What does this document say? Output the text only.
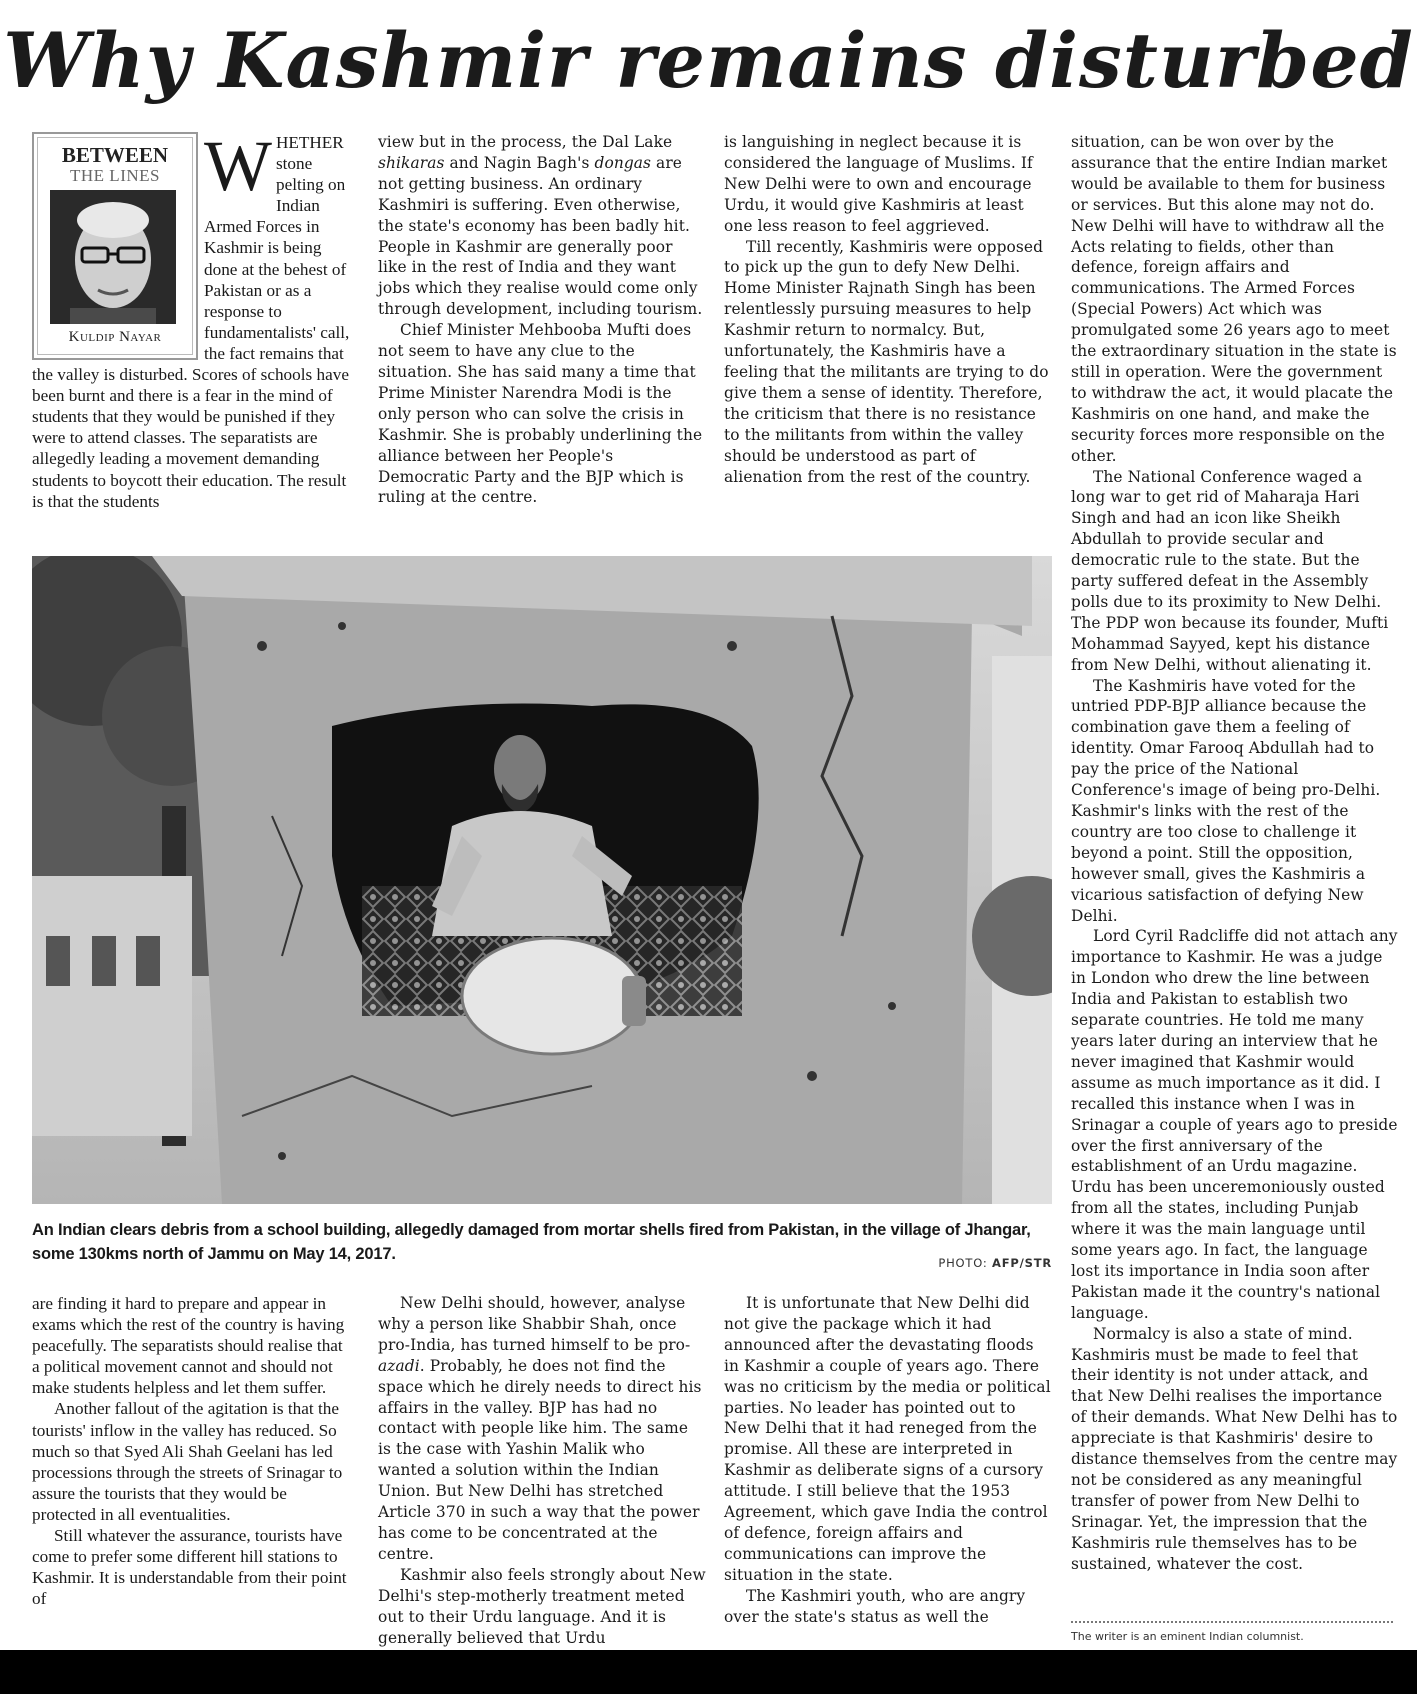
Why Kashmir remains disturbed
BETWEEN
THE LINES
Kuldip Nayar

WHETHER stone pelting on Indian Armed Forces in Kashmir is being done at the behest of Pakistan or as a response to fundamentalists' call, the fact remains that the valley is disturbed. Scores of schools have been burnt and there is a fear in the mind of students that they would be punished if they were to attend classes. The separatists are allegedly leading a movement demanding students to boycott their education. The result is that the students

view but in the process, the Dal Lake shikaras and Nagin Bagh's dongas are not getting business. An ordinary Kashmiri is suffering. Even otherwise, the state's economy has been badly hit. People in Kashmir are generally poor like in the rest of India and they want jobs which they realise would come only through development, including tourism.

Chief Minister Mehbooba Mufti does not seem to have any clue to the situation. She has said many a time that Prime Minister Narendra Modi is the only person who can solve the crisis in Kashmir. She is probably underlining the alliance between her People's Democratic Party and the BJP which is ruling at the centre.

is languishing in neglect because it is considered the language of Muslims. If New Delhi were to own and encourage Urdu, it would give Kashmiris at least one less reason to feel aggrieved.

Till recently, Kashmiris were opposed to pick up the gun to defy New Delhi. Home Minister Rajnath Singh has been relentlessly pursuing measures to help Kashmir return to normalcy. But, unfortunately, the Kashmiris have a feeling that the militants are trying to do give them a sense of identity. Therefore, the criticism that there is no resistance to the militants from within the valley should be understood as part of alienation from the rest of the country.

situation, can be won over by the assurance that the entire Indian market would be available to them for business or services. But this alone may not do. New Delhi will have to withdraw all the Acts relating to fields, other than defence, foreign affairs and communications. The Armed Forces (Special Powers) Act which was promulgated some 26 years ago to meet the extraordinary situation in the state is still in operation. Were the government to withdraw the act, it would placate the Kashmiris on one hand, and make the security forces more responsible on the other.

The National Conference waged a long war to get rid of Maharaja Hari Singh and had an icon like Sheikh Abdullah to provide secular and democratic rule to the state. But the party suffered defeat in the Assembly polls due to its proximity to New Delhi. The PDP won because its founder, Mufti Mohammad Sayyed, kept his distance from New Delhi, without alienating it.

The Kashmiris have voted for the untried PDP-BJP alliance because the combination gave them a feeling of identity. Omar Farooq Abdullah had to pay the price of the National Conference's image of being pro-Delhi. Kashmir's links with the rest of the country are too close to challenge it beyond a point. Still the opposition, however small, gives the Kashmiris a vicarious satisfaction of defying New Delhi.

Lord Cyril Radcliffe did not attach any importance to Kashmir. He was a judge in London who drew the line between India and Pakistan to establish two separate countries. He told me many years later during an interview that he never imagined that Kashmir would assume as much importance as it did. I recalled this instance when I was in Srinagar a couple of years ago to preside over the first anniversary of the establishment of an Urdu magazine. Urdu has been unceremoniously ousted from all the states, including Punjab where it was the main language until some years ago. In fact, the language lost its importance in India soon after Pakistan made it the country's national language.

Normalcy is also a state of mind. Kashmiris must be made to feel that their identity is not under attack, and that New Delhi realises the importance of their demands. What New Delhi has to appreciate is that Kashmiris' desire to distance themselves from the centre may not be considered as any meaningful transfer of power from New Delhi to Srinagar. Yet, the impression that the Kashmiris rule themselves has to be sustained, whatever the cost.

An Indian clears debris from a school building, allegedly damaged from mortar shells fired from Pakistan, in the village of Jhangar, some 130kms north of Jammu on May 14, 2017.	PHOTO: AFP/STR

are finding it hard to prepare and appear in exams which the rest of the country is having peacefully. The separatists should realise that a political movement cannot and should not make students helpless and let them suffer.

Another fallout of the agitation is that the tourists' inflow in the valley has reduced. So much so that Syed Ali Shah Geelani has led processions through the streets of Srinagar to assure the tourists that they would be protected in all eventualities.

Still whatever the assurance, tourists have come to prefer some different hill stations to Kashmir. It is understandable from their point of

New Delhi should, however, analyse why a person like Shabbir Shah, once pro-India, has turned himself to be pro-azadi. Probably, he does not find the space which he direly needs to direct his affairs in the valley. BJP has had no contact with people like him. The same is the case with Yashin Malik who wanted a solution within the Indian Union. But New Delhi has stretched Article 370 in such a way that the power has come to be concentrated at the centre.

Kashmir also feels strongly about New Delhi's step-motherly treatment meted out to their Urdu language. And it is generally believed that Urdu

It is unfortunate that New Delhi did not give the package which it had announced after the devastating floods in Kashmir a couple of years ago. There was no criticism by the media or political parties. No leader has pointed out to New Delhi that it had reneged from the promise. All these are interpreted in Kashmir as deliberate signs of a cursory attitude. I still believe that the 1953 Agreement, which gave India the control of defence, foreign affairs and communications can improve the situation in the state.

The Kashmiri youth, who are angry over the state's status as well the

The writer is an eminent Indian columnist.
